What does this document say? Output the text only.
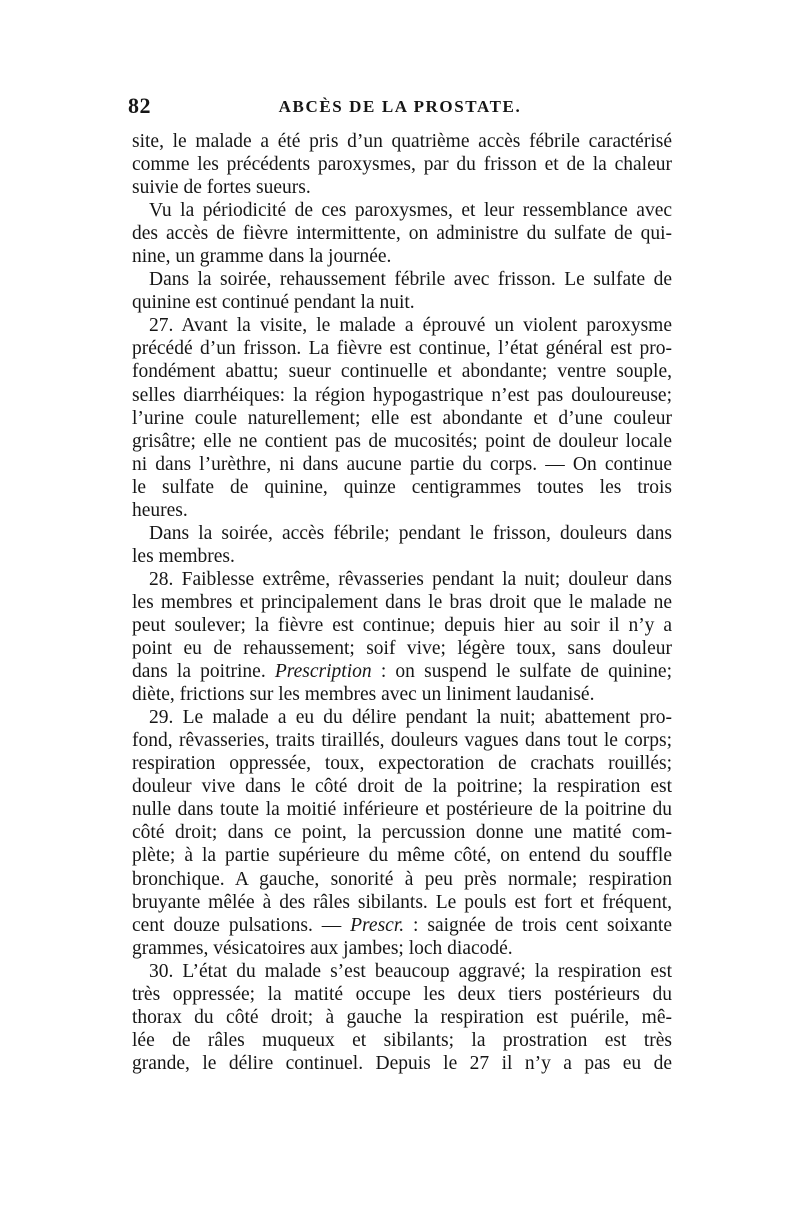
82	ABCÈS DE LA PROSTATE.
site, le malade a été pris d’un quatrième accès fébrile caractérisé
comme les précédents paroxysmes, par du frisson et de la chaleur
suivie de fortes sueurs.
Vu la périodicité de ces paroxysmes, et leur ressemblance avec
des accès de fièvre intermittente, on administre du sulfate de qui-
nine, un gramme dans la journée.
Dans la soirée, rehaussement fébrile avec frisson. Le sulfate de
quinine est continué pendant la nuit.
27. Avant la visite, le malade a éprouvé un violent paroxysme
précédé d’un frisson. La fièvre est continue, l’état général est pro-
fondément abattu; sueur continuelle et abondante; ventre souple,
selles diarrhéiques: la région hypogastrique n’est pas douloureuse;
l’urine coule naturellement; elle est abondante et d’une couleur
grisâtre; elle ne contient pas de mucosités; point de douleur locale
ni dans l’urèthre, ni dans aucune partie du corps. — On continue
le sulfate de quinine, quinze centigrammes toutes les trois
heures.
Dans la soirée, accès fébrile; pendant le frisson, douleurs dans
les membres.
28. Faiblesse extrême, rêvasseries pendant la nuit; douleur dans
les membres et principalement dans le bras droit que le malade ne
peut soulever; la fièvre est continue; depuis hier au soir il n’y a
point eu de rehaussement; soif vive; légère toux, sans douleur
dans la poitrine. Prescription : on suspend le sulfate de quinine;
diète, frictions sur les membres avec un liniment laudanisé.
29. Le malade a eu du délire pendant la nuit; abattement pro-
fond, rêvasseries, traits tiraillés, douleurs vagues dans tout le corps;
respiration oppressée, toux, expectoration de crachats rouillés;
douleur vive dans le côté droit de la poitrine; la respiration est
nulle dans toute la moitié inférieure et postérieure de la poitrine du
côté droit; dans ce point, la percussion donne une matité com-
plète; à la partie supérieure du même côté, on entend du souffle
bronchique. A gauche, sonorité à peu près normale; respiration
bruyante mêlée à des râles sibilants. Le pouls est fort et fréquent,
cent douze pulsations. — Prescr. : saignée de trois cent soixante
grammes, vésicatoires aux jambes; loch diacodé.
30. L’état du malade s’est beaucoup aggravé; la respiration est
très oppressée; la matité occupe les deux tiers postérieurs du
thorax du côté droit; à gauche la respiration est puérile, mê-
lée de râles muqueux et sibilants; la prostration est très
grande, le délire continuel. Depuis le 27 il n’y a pas eu de
